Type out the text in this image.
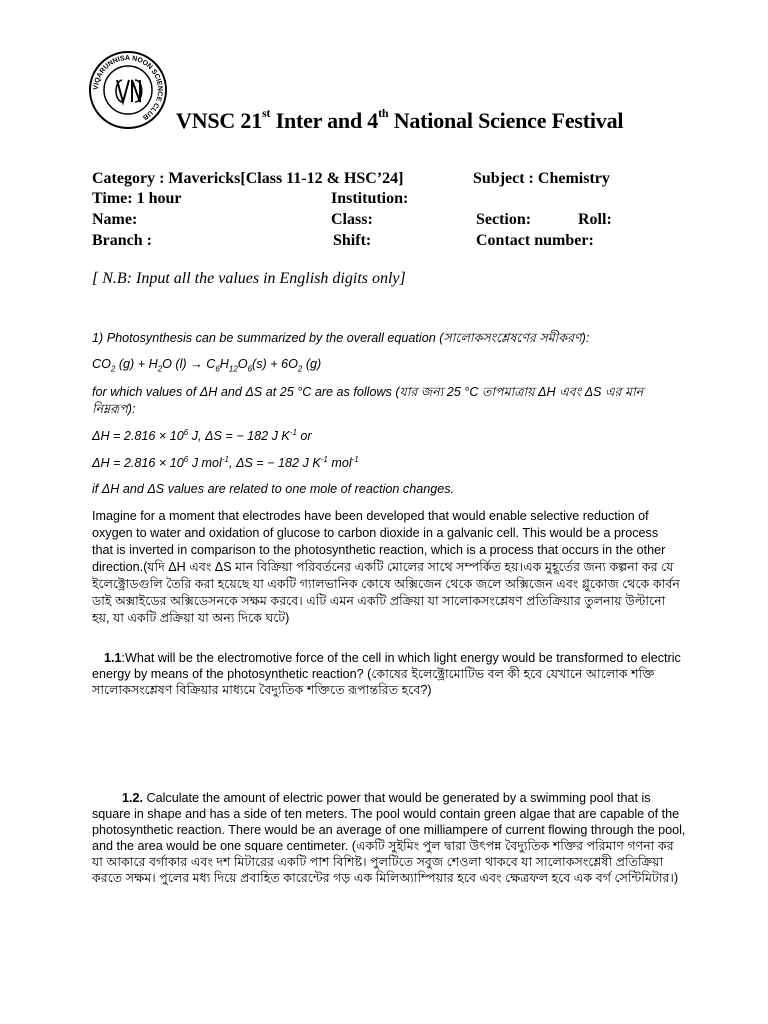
VIQARUNNISA NOON SCIENCE CLUB	VNSC 21st Inter and 4th National Science Festival
Category : Mavericks[Class 11-12 & HSC’24]	Subject : Chemistry
Time: 1 hour	Institution:
Name:	Class:	Section:	Roll:
Branch :	Shift:	Contact number:
[ N.B: Input all the values in English digits only]
1) Photosynthesis can be summarized by the overall equation (সালোকসংশ্লেষণের সমীকরণ):
$CO_2$ $(g) + H_2O$ $(l) \to C_6H_{12}O_6(s) + 6O_2$ (g)
for which values of ΔH and ΔS at 25 °C are as follows (যার জন্য 25 °C তাপমাত্রায় ΔH এবং ΔS এর মান নিম্নরূপ):
$\Delta H = 2.816 \times 10^6$ J, ΔS = − 182 J $K^{-1}$ or
$\Delta H = 2.816 \times 10^6$ J mol$^{-1}$, ΔS = − 182 J $K^{-1}$ mol$^{-1}$
if ΔH and ΔS values are related to one mole of reaction changes.
Imagine for a moment that electrodes have been developed that would enable selective reduction of oxygen to water and oxidation of glucose to carbon dioxide in a galvanic cell. This would be a process that is inverted in comparison to the photosynthetic reaction, which is a process that occurs in the other direction.(যদি ΔH এবং ΔS মান বিক্রিয়া পরিবর্তনের একটি মোলের সাথে সম্পর্কিত হয়।এক মুহূর্তের জন্য কল্পনা কর যে ইলেক্ট্রোডগুলি তৈরি করা হয়েছে যা একটি গ্যালভানিক কোষে অক্সিজেন থেকে জলে অক্সিজেন এবং গ্লুকোজ থেকে কার্বন ডাই অক্সাইডের অক্সিডেসনকে সক্ষম করবে। এটি এমন একটি প্রক্রিয়া যা সালোকসংশ্লেষণ প্রতিক্রিয়ার তুলনায় উল্টানো হয়, যা একটি প্রক্রিয়া যা অন্য দিকে ঘটে)
1.1:What will be the electromotive force of the cell in which light energy would be transformed to electric energy by means of the photosynthetic reaction? (কোষের ইলেক্ট্রোমোটিভ বল কী হবে যেখানে আলোক শক্তি সালোকসংশ্লেষণ বিক্রিয়ার মাধ্যমে বৈদ্যুতিক শক্তিতে রূপান্তরিত হবে?)
1.2. Calculate the amount of electric power that would be generated by a swimming pool that is square in shape and has a side of ten meters. The pool would contain green algae that are capable of the photosynthetic reaction. There would be an average of one milliampere of current flowing through the pool, and the area would be one square centimeter. (একটি সুইমিং পুল দ্বারা উৎপন্ন বৈদ্যুতিক শক্তির পরিমাণ গণনা কর যা আকারে বর্গাকার এবং দশ মিটারের একটি পাশ বিশিষ্ট। পুলটিতে সবুজ শেওলা থাকবে যা সালোকসংশ্লেষী প্রতিক্রিয়া করতে সক্ষম। পুলের মধ্য দিয়ে প্রবাহিত কারেন্টের গড় এক মিলিঅ্যাম্পিয়ার হবে এবং ক্ষেত্রফল হবে এক বর্গ সেন্টিমিটার।)
